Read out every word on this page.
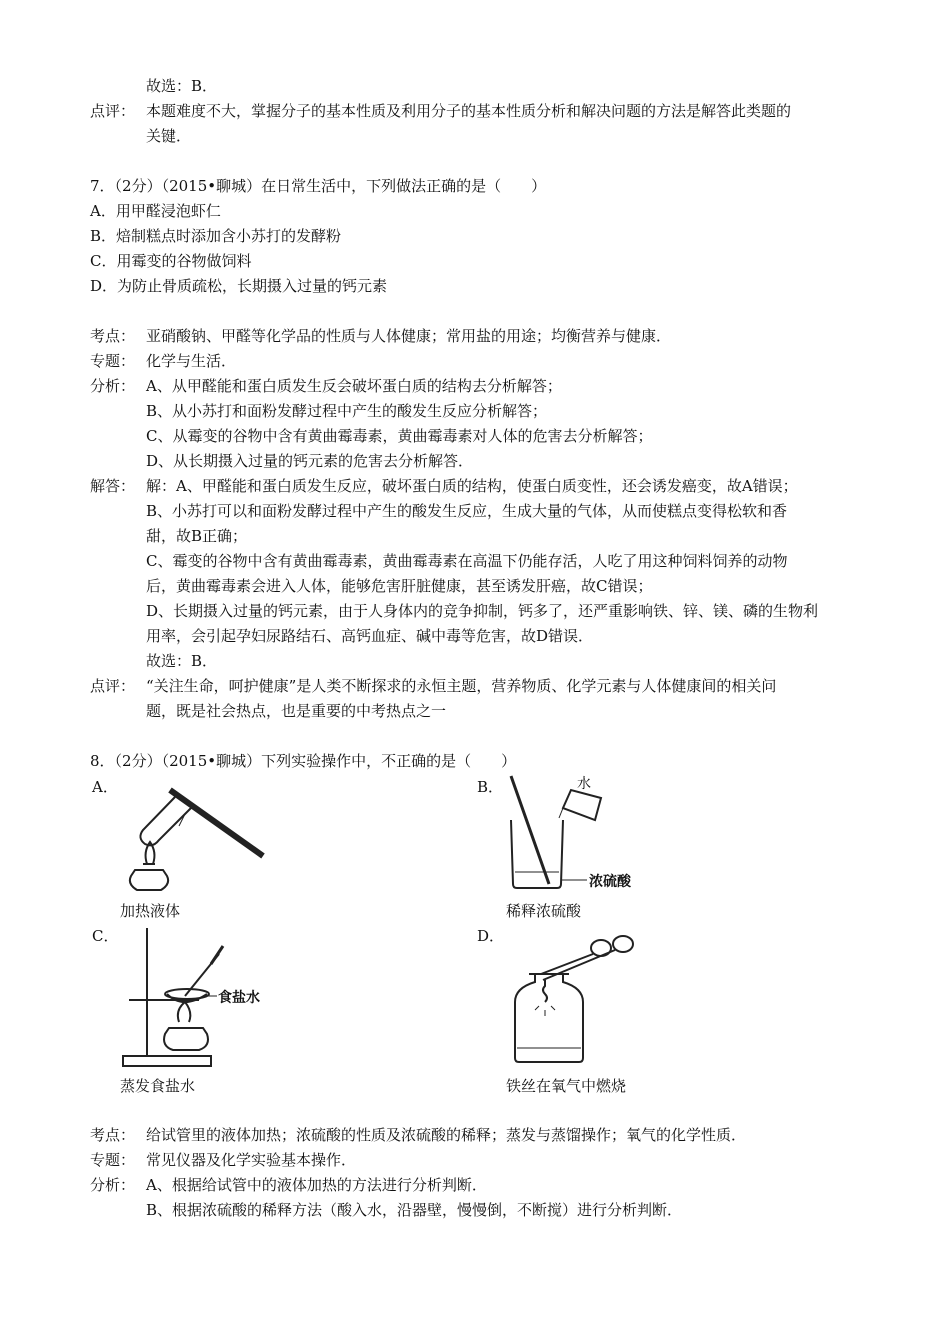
故选：B．
点评： 本题难度不大，掌握分子的基本性质及利用分子的基本性质分析和解决问题的方法是解答此类题的
关键．
7．（2分）（2015•聊城）在日常生活中，下列做法正确的是（　　）
A．用甲醛浸泡虾仁
B．焙制糕点时添加含小苏打的发酵粉
C．用霉变的谷物做饲料
D．为防止骨质疏松，长期摄入过量的钙元素
考点： 亚硝酸钠、甲醛等化学品的性质与人体健康；常用盐的用途；均衡营养与健康．
专题： 化学与生活．
分析： A、从甲醛能和蛋白质发生反会破坏蛋白质的结构去分析解答；
B、从小苏打和面粉发酵过程中产生的酸发生反应分析解答；
C、从霉变的谷物中含有黄曲霉毒素，黄曲霉毒素对人体的危害去分析解答；
D、从长期摄入过量的钙元素的危害去分析解答．
解答： 解：A、甲醛能和蛋白质发生反应，破坏蛋白质的结构，使蛋白质变性，还会诱发癌变，故A错误；
B、小苏打可以和面粉发酵过程中产生的酸发生反应，生成大量的气体，从而使糕点变得松软和香
甜，故B正确；
C、霉变的谷物中含有黄曲霉毒素，黄曲霉毒素在高温下仍能存活，人吃了用这种饲料饲养的动物
后，黄曲霉毒素会进入人体，能够危害肝脏健康，甚至诱发肝癌，故C错误；
D、长期摄入过量的钙元素，由于人身体内的竞争抑制，钙多了，还严重影响铁、锌、镁、磷的生物利
用率，会引起孕妇尿路结石、高钙血症、碱中毒等危害，故D错误．
故选：B．
点评： “关注生命，呵护健康”是人类不断探求的永恒主题，营养物质、化学元素与人体健康间的相关问
题，既是社会热点，也是重要的中考热点之一
8．（2分）（2015•聊城）下列实验操作中，不正确的是（　　）
A．
加热液体
B．	水
浓硫酸
稀释浓硫酸
C．
食盐水
蒸发食盐水
D．
铁丝在氧气中燃烧
考点： 给试管里的液体加热；浓硫酸的性质及浓硫酸的稀释；蒸发与蒸馏操作；氧气的化学性质．
专题： 常见仪器及化学实验基本操作．
分析： A、根据给试管中的液体加热的方法进行分析判断．
B、根据浓硫酸的稀释方法（酸入水，沿器壁，慢慢倒，不断搅）进行分析判断．
